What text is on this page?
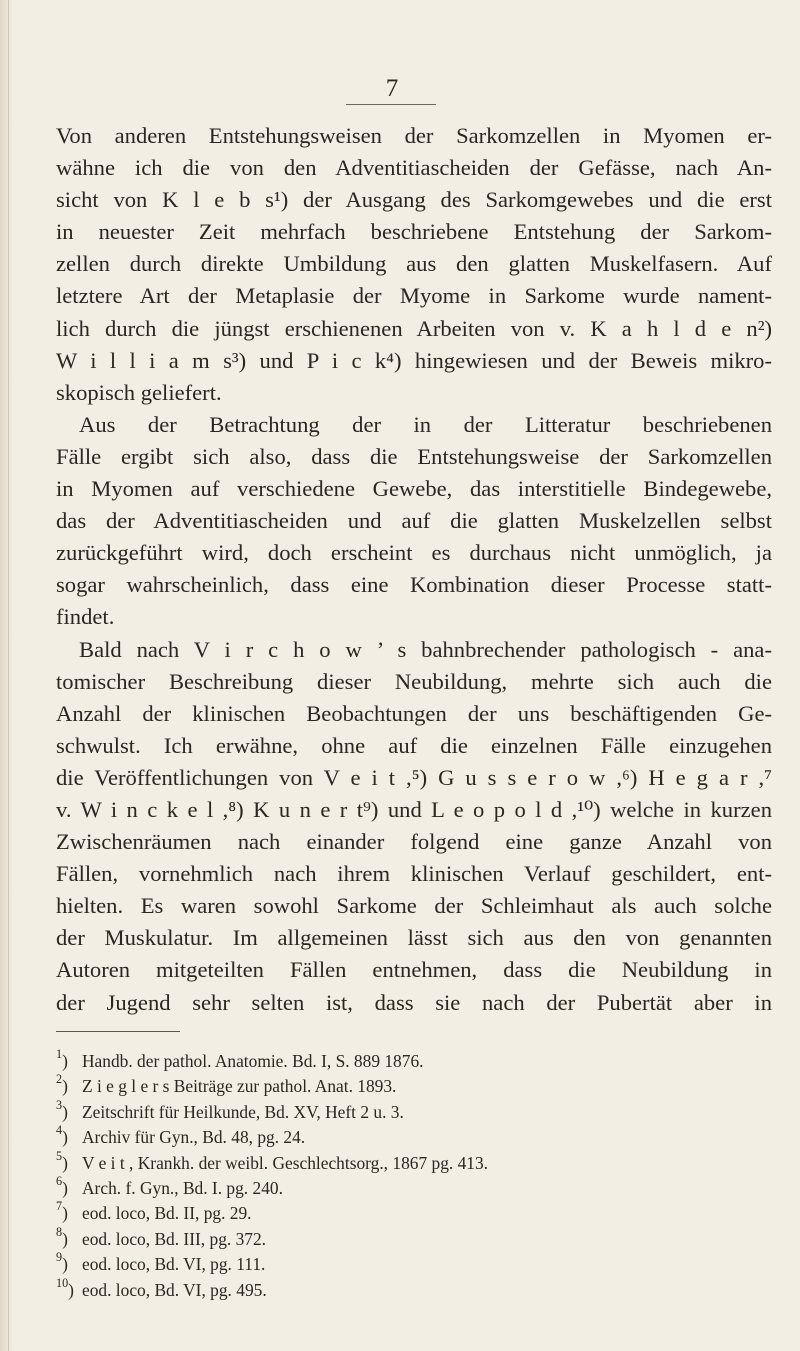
7
Von anderen Entstehungsweisen der Sarkomzellen in Myomen er-
wähne ich die von den Adventitiascheiden der Gefässe, nach An-
sicht von K l e b s¹) der Ausgang des Sarkomgewebes und die erst
in neuester Zeit mehrfach beschriebene Entstehung der Sarkom-
zellen durch direkte Umbildung aus den glatten Muskelfasern. Auf
letztere Art der Metaplasie der Myome in Sarkome wurde nament-
lich durch die jüngst erschienenen Arbeiten von v. K a h l d e n²)
W i l l i a m s³) und P i c k⁴) hingewiesen und der Beweis mikro-
skopisch geliefert.
Aus der Betrachtung der in der Litteratur beschriebenen
Fälle ergibt sich also, dass die Entstehungsweise der Sarkomzellen
in Myomen auf verschiedene Gewebe, das interstitielle Bindegewebe,
das der Adventitiascheiden und auf die glatten Muskelzellen selbst
zurückgeführt wird, doch erscheint es durchaus nicht unmöglich, ja
sogar wahrscheinlich, dass eine Kombination dieser Processe statt-
findet.
Bald nach V i r c h o w ’ s bahnbrechender pathologisch - ana-
tomischer Beschreibung dieser Neubildung, mehrte sich auch die
Anzahl der klinischen Beobachtungen der uns beschäftigenden Ge-
schwulst. Ich erwähne, ohne auf die einzelnen Fälle einzugehen
die Veröffentlichungen von V e i t ,⁵) G u s s e r o w ,⁶) H e g a r ,⁷
v. W i n c k e l ,⁸) K u n e r t⁹) und L e o p o l d ,¹⁰) welche in kurzen
Zwischenräumen nach einander folgend eine ganze Anzahl von
Fällen, vornehmlich nach ihrem klinischen Verlauf geschildert, ent-
hielten. Es waren sowohl Sarkome der Schleimhaut als auch solche
der Muskulatur. Im allgemeinen lässt sich aus den von genannten
Autoren mitgeteilten Fällen entnehmen, dass die Neubildung in
der Jugend sehr selten ist, dass sie nach der Pubertät aber in
$^1$) Handb. der pathol. Anatomie. Bd. I, S. 889 1876.
$^2$) Z i e g l e r s Beiträge zur pathol. Anat. 1893.
$^3$) Zeitschrift für Heilkunde, Bd. XV, Heft 2 u. 3.
$^4$) Archiv für Gyn., Bd. 48, pg. 24.
$^5$) V e i t , Krankh. der weibl. Geschlechtsorg., 1867 pg. 413.
$^6$) Arch. f. Gyn., Bd. I. pg. 240.
$^7$) eod. loco, Bd. II, pg. 29.
$^8$) eod. loco, Bd. III, pg. 372.
$^9$) eod. loco, Bd. VI, pg. 111.
$^{10}$) eod. loco, Bd. VI, pg. 495.
